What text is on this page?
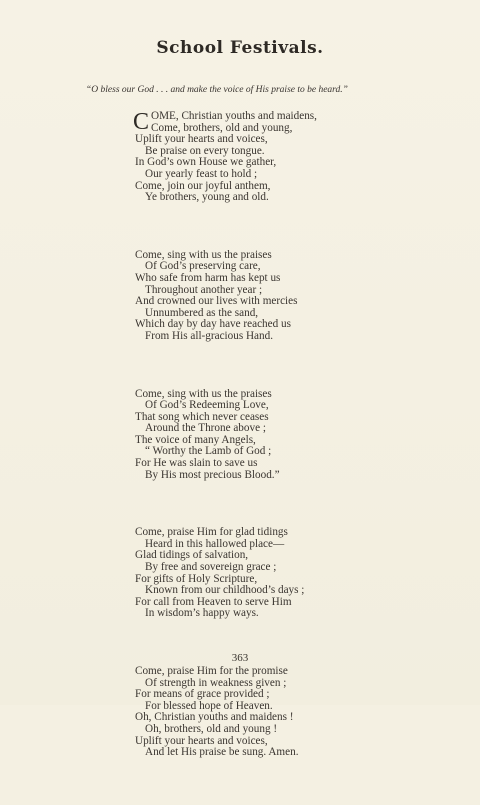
School Festivals.
“O bless our God . . . and make the voice of His praise to be heard.”
COME, Christian youths and maidens,
Come, brothers, old and young,
Uplift your hearts and voices,
Be praise on every tongue.
In God’s own House we gather,
Our yearly feast to hold ;
Come, join our joyful anthem,
Ye brothers, young and old.
Come, sing with us the praises
Of God’s preserving care,
Who safe from harm has kept us
Throughout another year ;
And crowned our lives with mercies
Unnumbered as the sand,
Which day by day have reached us
From His all-gracious Hand.
Come, sing with us the praises
Of God’s Redeeming Love,
That song which never ceases
Around the Throne above ;
The voice of many Angels,
“ Worthy the Lamb of God ;
For He was slain to save us
By His most precious Blood.”
Come, praise Him for glad tidings
Heard in this hallowed place—
Glad tidings of salvation,
By free and sovereign grace ;
For gifts of Holy Scripture,
Known from our childhood’s days ;
For call from Heaven to serve Him
In wisdom’s happy ways.
Come, praise Him for the promise
Of strength in weakness given ;
For means of grace provided ;
For blessed hope of Heaven.
Oh, Christian youths and maidens !
Oh, brothers, old and young !
Uplift your hearts and voices,
And let His praise be sung. Amen.
363
